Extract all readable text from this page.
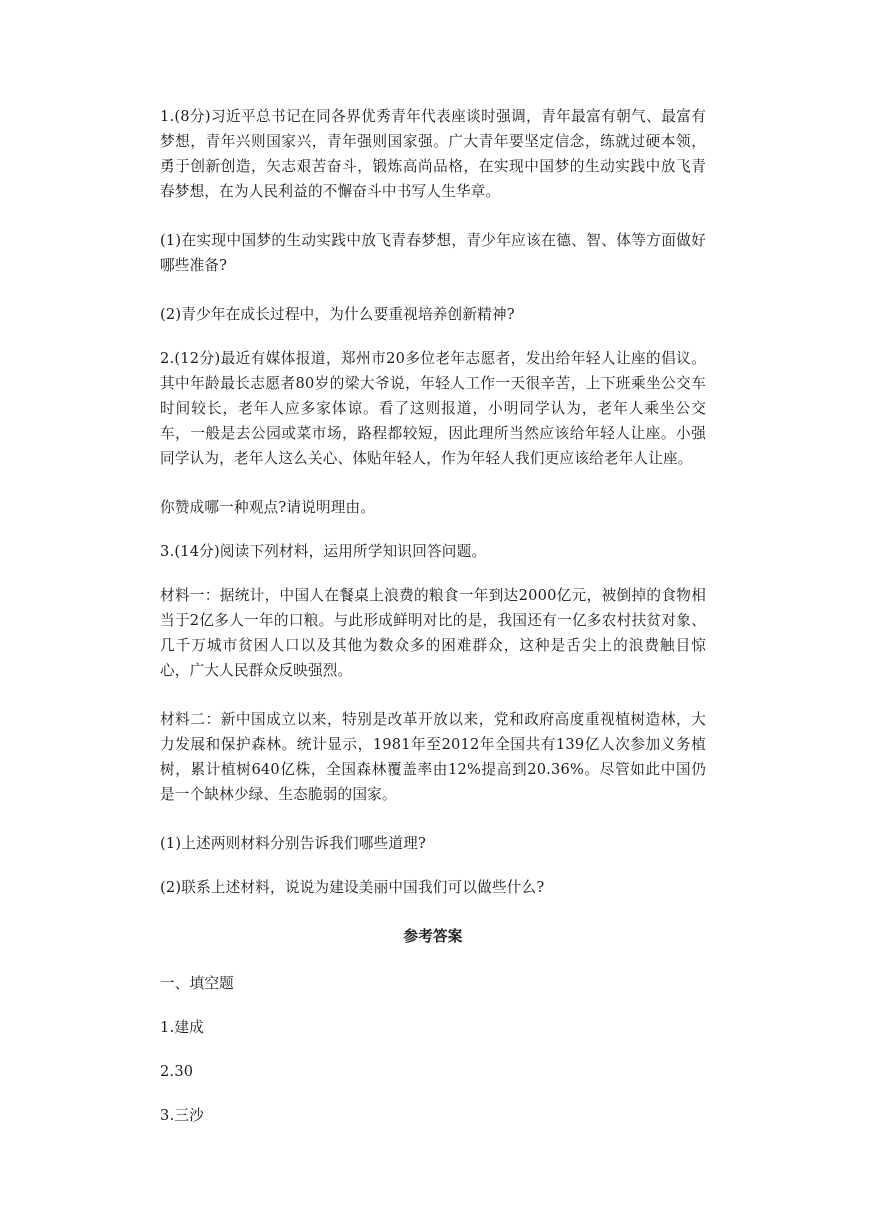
1.(8分)习近平总书记在同各界优秀青年代表座谈时强调，青年最富有朝气、最富有梦想，青年兴则国家兴，青年强则国家强。广大青年要坚定信念，练就过硬本领，勇于创新创造，矢志艰苦奋斗，锻炼高尚品格，在实现中国梦的生动实践中放飞青春梦想，在为人民利益的不懈奋斗中书写人生华章。

(1)在实现中国梦的生动实践中放飞青春梦想，青少年应该在德、智、体等方面做好哪些准备?

(2)青少年在成长过程中，为什么要重视培养创新精神?

2.(12分)最近有媒体报道，郑州市20多位老年志愿者，发出给年轻人让座的倡议。其中年龄最长志愿者80岁的梁大爷说，年轻人工作一天很辛苦，上下班乘坐公交车时间较长，老年人应多家体谅。看了这则报道，小明同学认为，老年人乘坐公交车，一般是去公园或菜市场，路程都较短，因此理所当然应该给年轻人让座。小强同学认为，老年人这么关心、体贴年轻人，作为年轻人我们更应该给老年人让座。

你赞成哪一种观点?请说明理由。

3.(14分)阅读下列材料，运用所学知识回答问题。

材料一：据统计，中国人在餐桌上浪费的粮食一年到达2000亿元，被倒掉的食物相当于2亿多人一年的口粮。与此形成鲜明对比的是，我国还有一亿多农村扶贫对象、几千万城市贫困人口以及其他为数众多的困难群众，这种是舌尖上的浪费触目惊心，广大人民群众反映强烈。

材料二：新中国成立以来，特别是改革开放以来，党和政府高度重视植树造林，大力发展和保护森林。统计显示，1981年至2012年全国共有139亿人次参加义务植树，累计植树640亿株，全国森林覆盖率由12%提高到20.36%。尽管如此中国仍是一个缺林少绿、生态脆弱的国家。

(1)上述两则材料分别告诉我们哪些道理?

(2)联系上述材料，说说为建设美丽中国我们可以做些什么?

参考答案

一、填空题

1.建成

2.30

3.三沙
